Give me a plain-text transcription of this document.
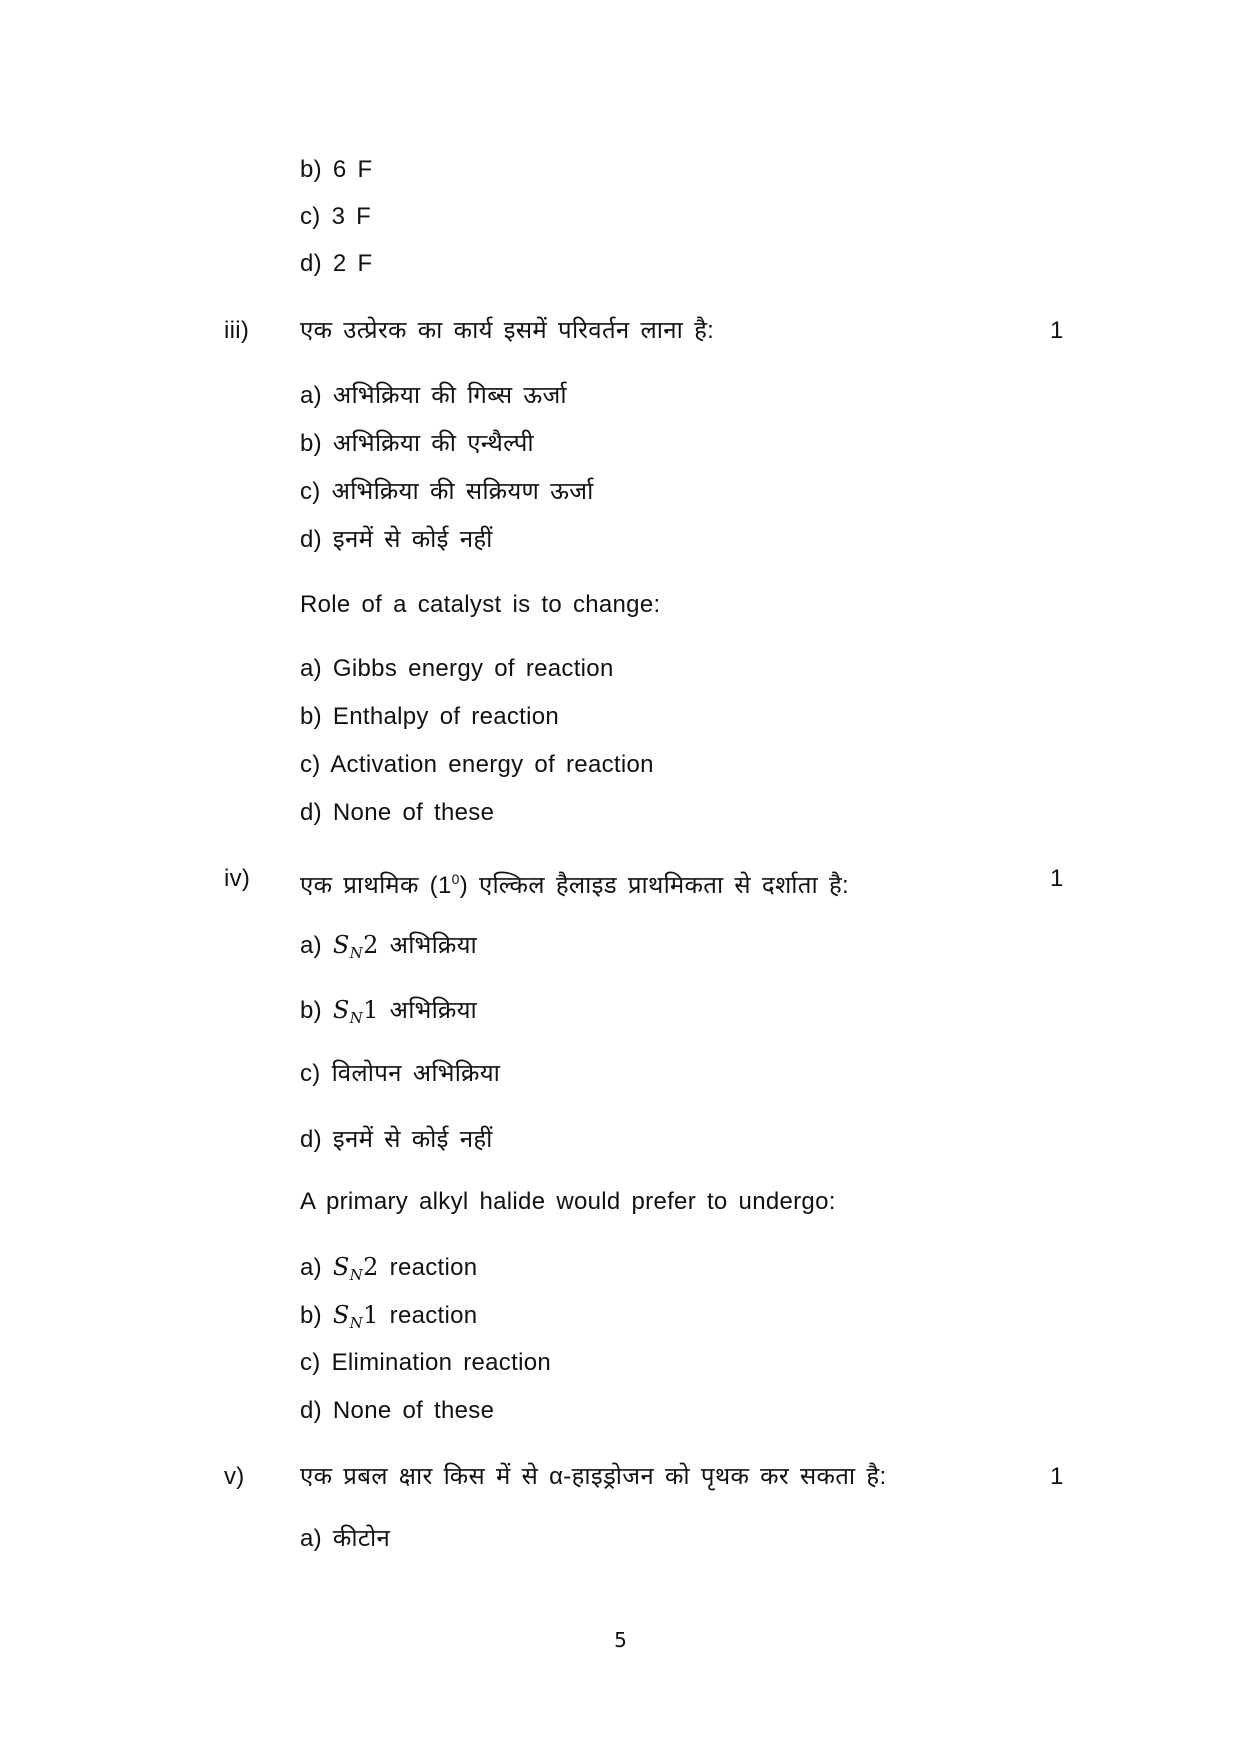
b) 6 F
c) 3 F
d) 2 F
iii) एक उत्प्रेरक का कार्य इसमें परिवर्तन लाना है:	1
a) अभिक्रिया की गिब्स ऊर्जा
b) अभिक्रिया की एन्थैल्पी
c) अभिक्रिया की सक्रियण ऊर्जा
d) इनमें से कोई नहीं
Role of a catalyst is to change:
a) Gibbs energy of reaction
b) Enthalpy of reaction
c) Activation energy of reaction
d) None of these
iv) एक प्राथमिक $(1^0)$ एल्किल हैलाइड प्राथमिकता से दर्शाता है:	1
a) $S_N2$ अभिक्रिया
b) $S_N1$ अभिक्रिया
c) विलोपन अभिक्रिया
d) इनमें से कोई नहीं
A primary alkyl halide would prefer to undergo:
a) $S_N2$ reaction
b) $S_N1$ reaction
c) Elimination reaction
d) None of these
v) एक प्रबल क्षार किस में से α-हाइड्रोजन को पृथक कर सकता है:	1
a) कीटोन
5
